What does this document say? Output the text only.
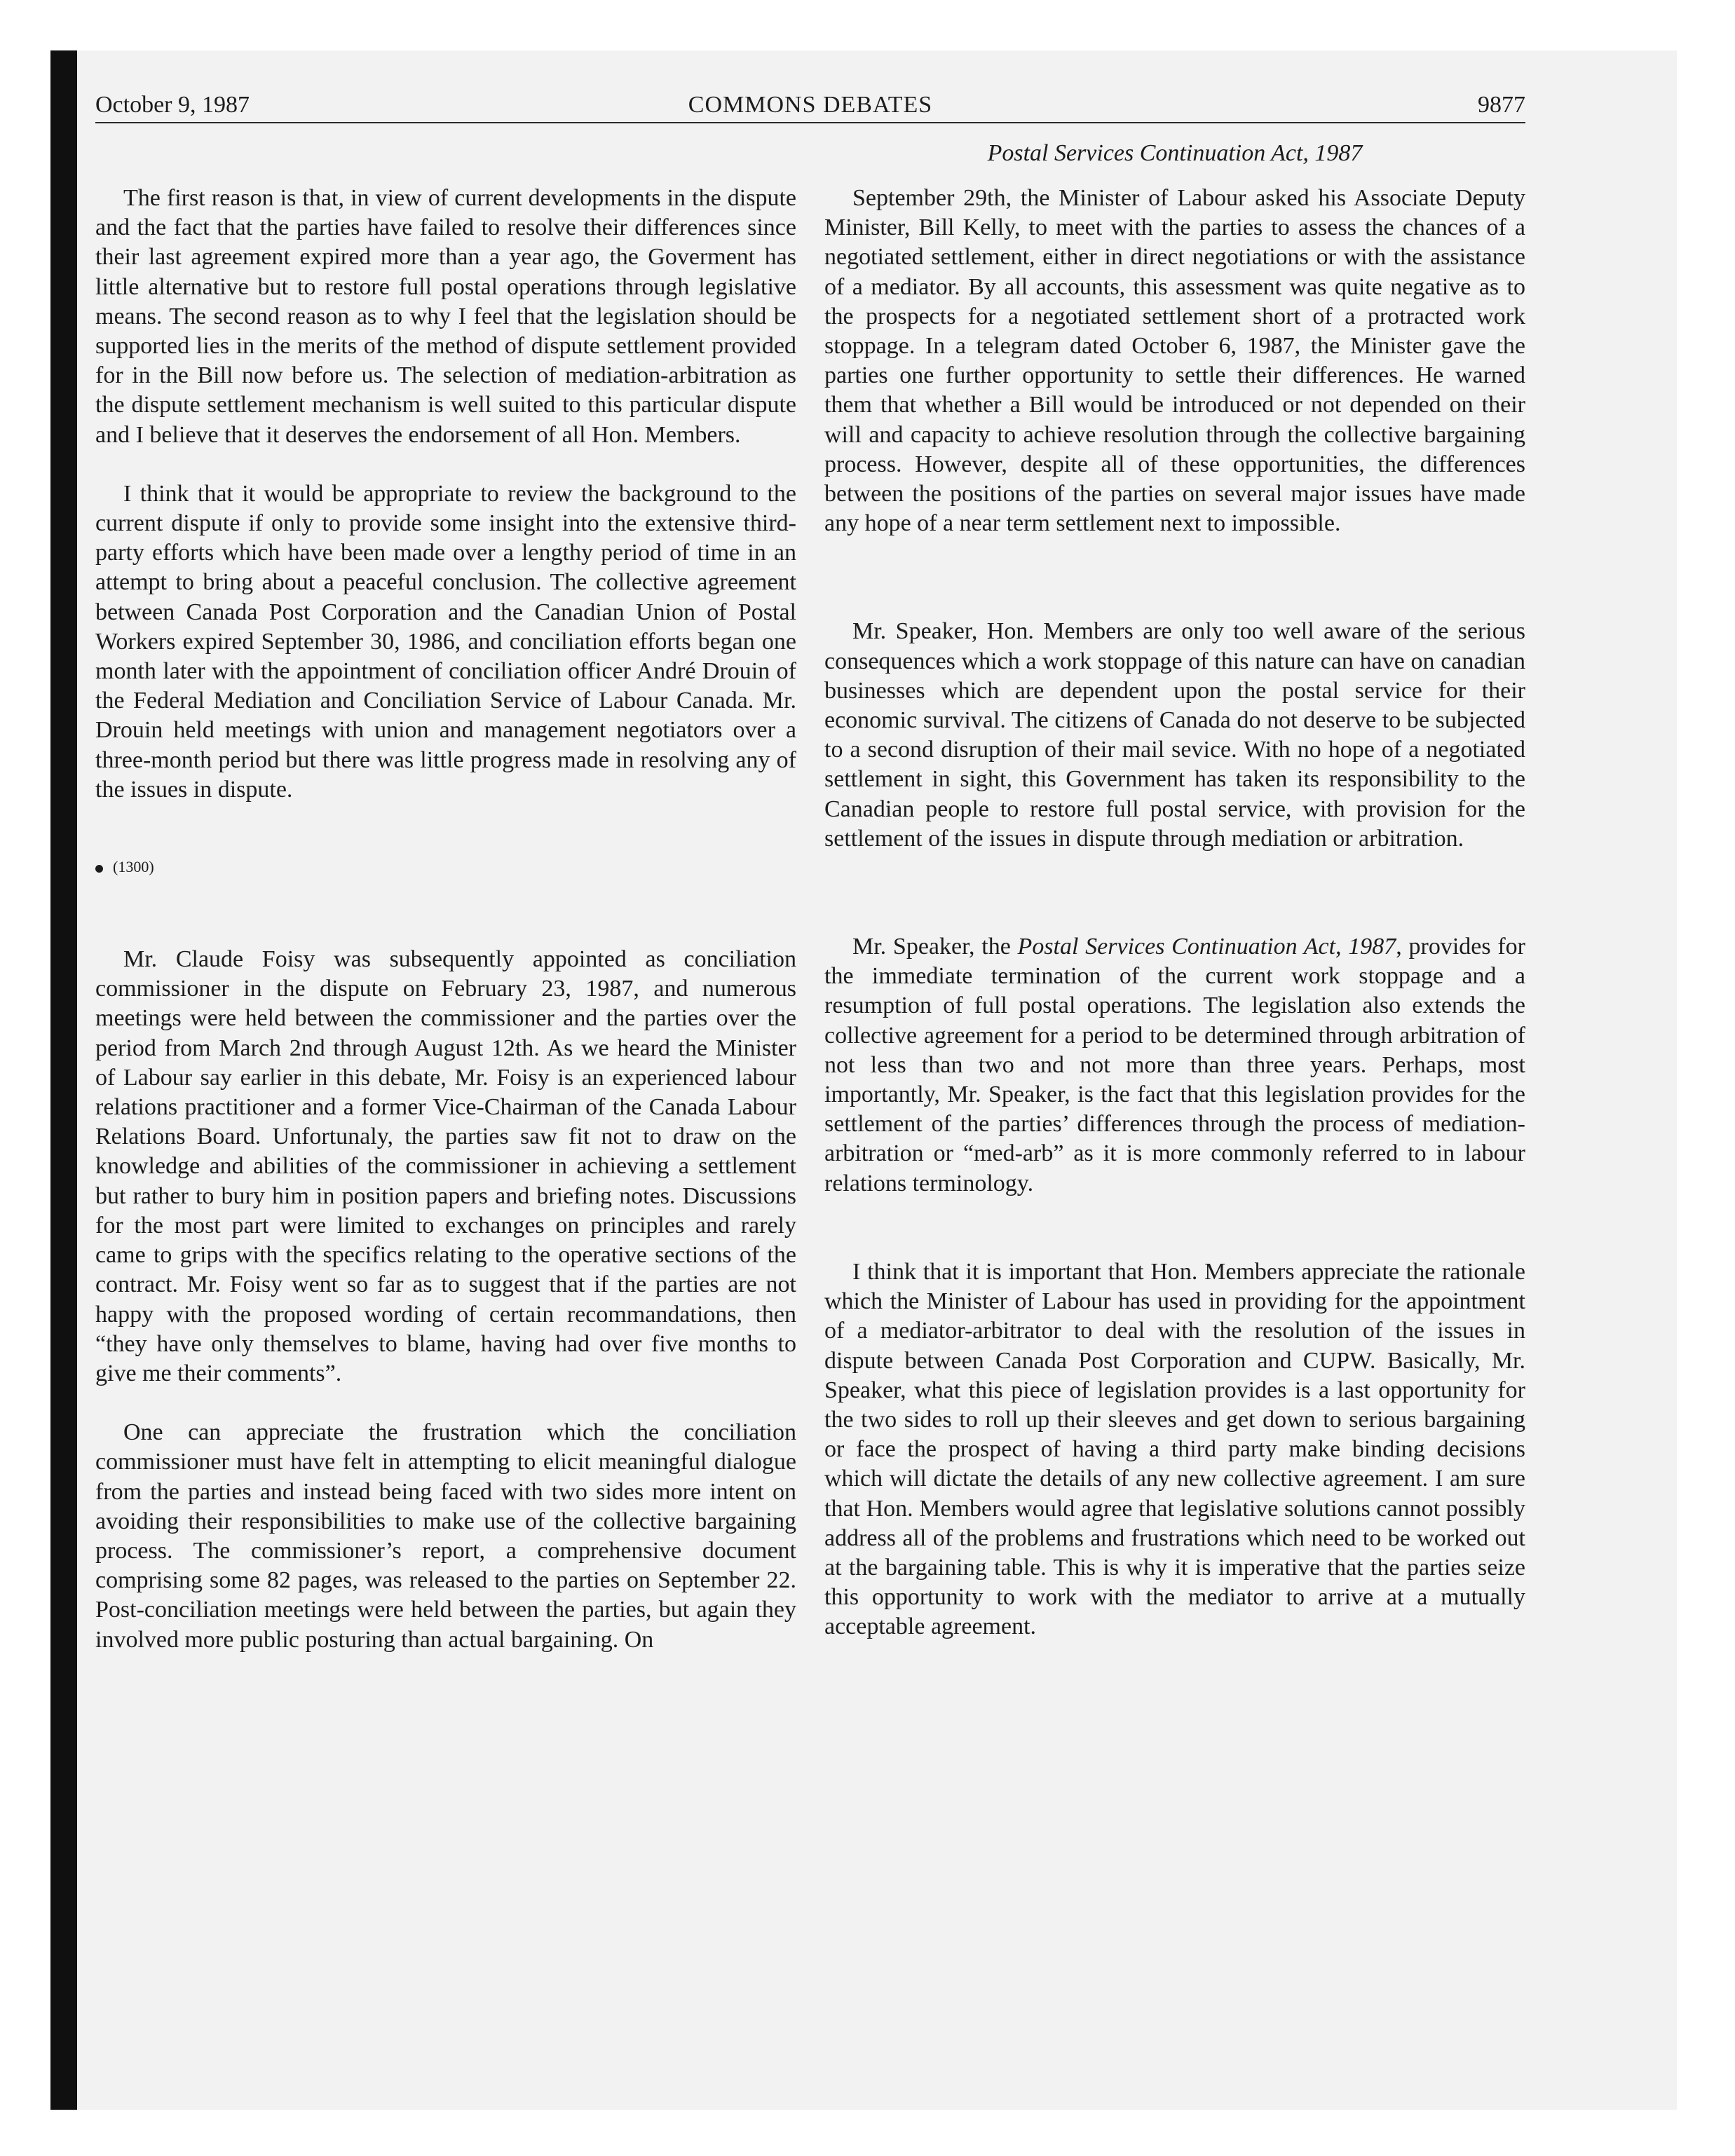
October 9, 1987	COMMONS DEBATES	9877
Postal Services Continuation Act, 1987

The first reason is that, in view of current developments in the dispute and the fact that the parties have failed to resolve their differences since their last agreement expired more than a year ago, the Goverment has little alternative but to restore full postal operations through legislative means. The second reason as to why I feel that the legislation should be supported lies in the merits of the method of dispute settlement provided for in the Bill now before us. The selection of mediation-arbitration as the dispute settlement mechanism is well suited to this particular dispute and I believe that it deserves the endorsement of all Hon. Members.

I think that it would be appropriate to review the background to the current dispute if only to provide some insight into the extensive third-party efforts which have been made over a lengthy period of time in an attempt to bring about a peaceful conclusion. The collective agreement between Canada Post Corporation and the Canadian Union of Postal Workers expired September 30, 1986, and conciliation efforts began one month later with the appointment of conciliation officer André Drouin of the Federal Mediation and Conciliation Service of Labour Canada. Mr. Drouin held meetings with union and management negotiators over a three-month period but there was little progress made in resolving any of the issues in dispute.

(1300)

Mr. Claude Foisy was subsequently appointed as conciliation commissioner in the dispute on February 23, 1987, and numerous meetings were held between the commissioner and the parties over the period from March 2nd through August 12th. As we heard the Minister of Labour say earlier in this debate, Mr. Foisy is an experienced labour relations practitioner and a former Vice-Chairman of the Canada Labour Relations Board. Unfortunaly, the parties saw fit not to draw on the knowledge and abilities of the commissioner in achieving a settlement but rather to bury him in position papers and briefing notes. Discussions for the most part were limited to exchanges on principles and rarely came to grips with the specifics relating to the operative sections of the contract. Mr. Foisy went so far as to suggest that if the parties are not happy with the proposed wording of certain recommandations, then “they have only themselves to blame, having had over five months to give me their comments”.

One can appreciate the frustration which the conciliation commissioner must have felt in attempting to elicit meaningful dialogue from the parties and instead being faced with two sides more intent on avoiding their responsibilities to make use of the collective bargaining process. The commissioner’s report, a comprehensive document comprising some 82 pages, was released to the parties on September 22. Post-conciliation meetings were held between the parties, but again they involved more public posturing than actual bargaining. On

September 29th, the Minister of Labour asked his Associate Deputy Minister, Bill Kelly, to meet with the parties to assess the chances of a negotiated settlement, either in direct negotiations or with the assistance of a mediator. By all accounts, this assessment was quite negative as to the prospects for a negotiated settlement short of a protracted work stoppage. In a telegram dated October 6, 1987, the Minister gave the parties one further opportunity to settle their differences. He warned them that whether a Bill would be introduced or not depended on their will and capacity to achieve resolution through the collective bargaining process. However, despite all of these opportunities, the differences between the positions of the parties on several major issues have made any hope of a near term settlement next to impossible.

Mr. Speaker, Hon. Members are only too well aware of the serious consequences which a work stoppage of this nature can have on canadian businesses which are dependent upon the postal service for their economic survival. The citizens of Canada do not deserve to be subjected to a second disruption of their mail sevice. With no hope of a negotiated settlement in sight, this Government has taken its responsibility to the Canadian people to restore full postal service, with provision for the settlement of the issues in dispute through mediation or arbitration.

Mr. Speaker, the Postal Services Continuation Act, 1987, provides for the immediate termination of the current work stoppage and a resumption of full postal operations. The legislation also extends the collective agreement for a period to be determined through arbitration of not less than two and not more than three years. Perhaps, most importantly, Mr. Speaker, is the fact that this legislation provides for the settlement of the parties’ differences through the process of mediation-arbitration or “med-arb” as it is more commonly referred to in labour relations terminology.

I think that it is important that Hon. Members appreciate the rationale which the Minister of Labour has used in providing for the appointment of a mediator-arbitrator to deal with the resolution of the issues in dispute between Canada Post Corporation and CUPW. Basically, Mr. Speaker, what this piece of legislation provides is a last opportunity for the two sides to roll up their sleeves and get down to serious bargaining or face the prospect of having a third party make binding decisions which will dictate the details of any new collective agreement. I am sure that Hon. Members would agree that legislative solutions cannot possibly address all of the problems and frustrations which need to be worked out at the bargaining table. This is why it is imperative that the parties seize this opportunity to work with the mediator to arrive at a mutually acceptable agreement.
